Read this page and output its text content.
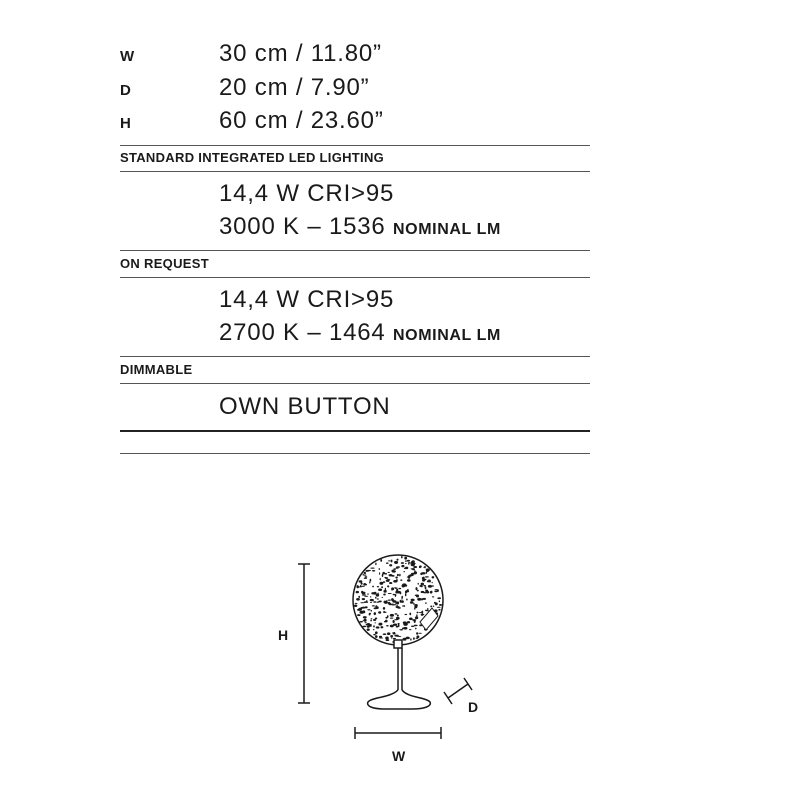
W	30 cm / 11.80”
D	20 cm / 7.90”
H	60 cm / 23.60”
STANDARD INTEGRATED LED LIGHTING
14,4 W CRI>95
3000 K – 1536 NOMINAL LM
ON REQUEST
14,4 W CRI>95
2700 K – 1464 NOMINAL LM
DIMMABLE
OWN BUTTON
H
D
W
